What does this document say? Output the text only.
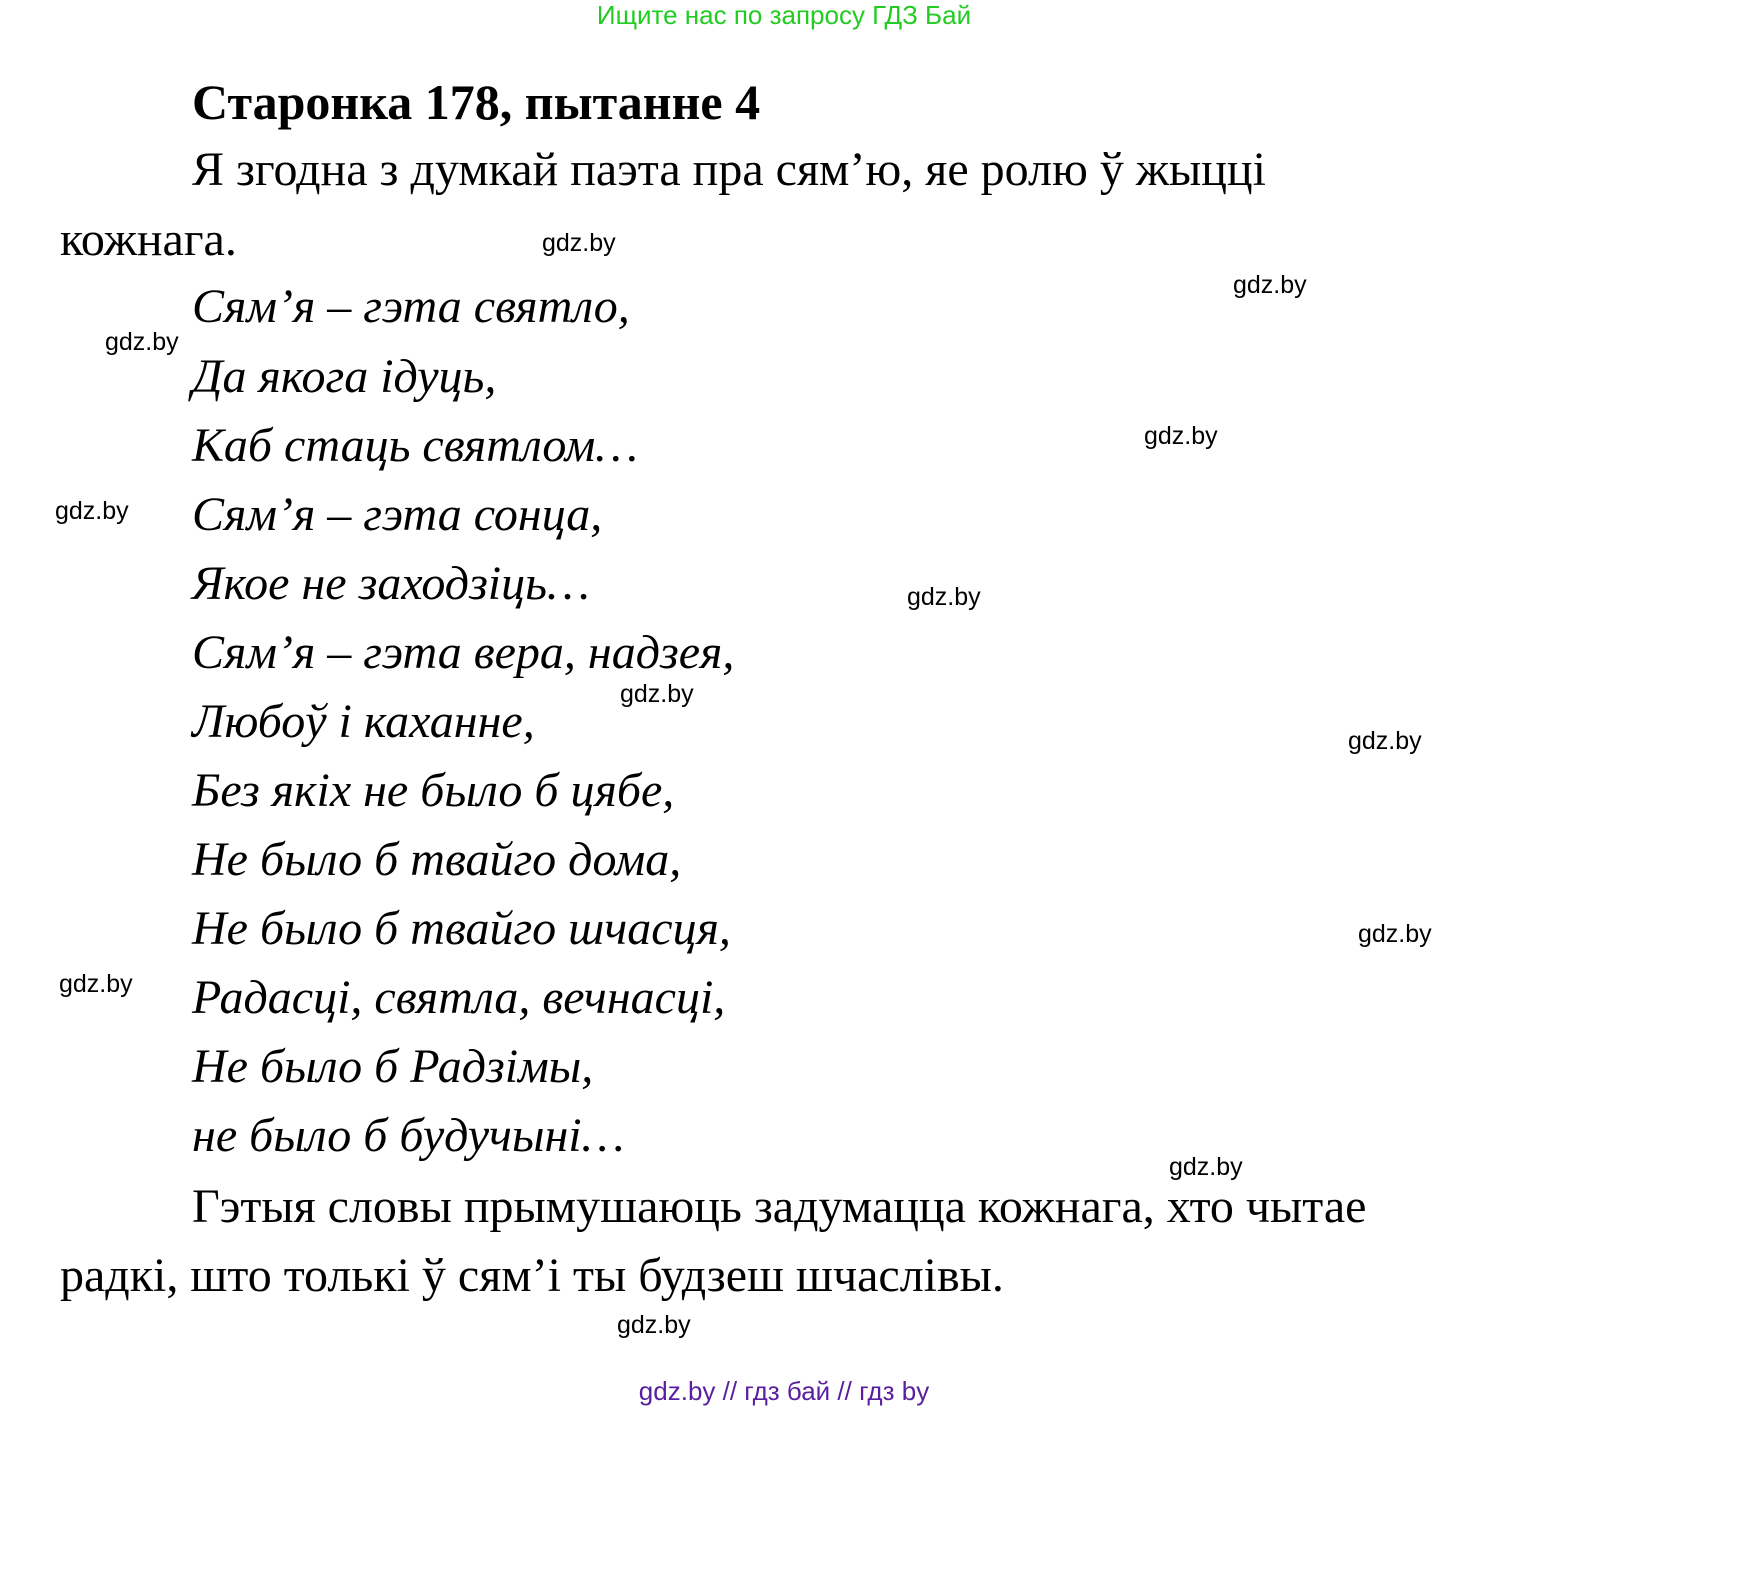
Ищите нас по запросу ГДЗ Бай
Старонка 178, пытанне 4
Я згодна з думкай паэта пра сям’ю, яе ролю ў жыцці
кожнага.
Сям’я – гэта святло,
Да якога ідуць,
Каб стаць святлом…
Сям’я – гэта сонца,
Якое не заходзіць…
Сям’я – гэта вера, надзея,
Любоў і каханне,
Без якіх не было б цябе,
Не было б твайго дома,
Не было б твайго шчасця,
Радасці, святла, вечнасці,
Не было б Радзімы,
не было б будучыні…
Гэтыя словы прымушаюць задумацца кожнага, хто чытае
радкі, што толькі ў сям’і ты будзеш шчаслівы.
gdz.by
gdz.by
gdz.by
gdz.by
gdz.by
gdz.by
gdz.by
gdz.by
gdz.by
gdz.by
gdz.by
gdz.by
gdz.by // гдз бай // гдз by
